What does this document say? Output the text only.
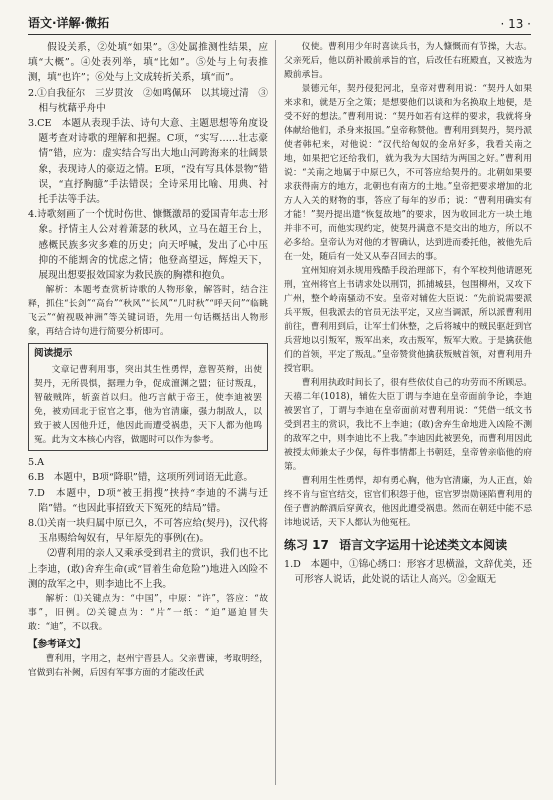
语文·详解·微拓	· 13 ·

假设关系，②处填“如果”。③处属推测性结果，应填“大概”。④处表列举，填“比如”。⑤处与上句表推测，填“也许”；⑥处与上文成转折关系，填“而”。

2.①自我征尔　三岁贯汝　②如鸣佩环　以其境过清　③相与枕藉乎舟中

3.CE　本题从表现手法、诗句大意、主题思想等角度设题考查对诗歌的理解和把握。C项，“实写……壮志豪情”错，应为：虚实结合写出大地山河跨海来的壮阔景象，表现诗人的豪迈之情。E项，“没有写具体景物”错误，“直抒胸臆”手法错误；全诗采用比喻、用典、衬托手法等手法。

4.诗歌刻画了一个忧时伤世、慷慨激昂的爱国青年志士形象。抒情主人公对着萧瑟的秋风，立马在超王台上，感概民族多灾多难的历史；向天呼喊，发出了心中压抑的不能割舍的忧虑之情；他登高望远，辉煌天下，展现出想要报效国家为救民族的胸襟和抱负。

解析：本题考查赏析诗歌的人物形象，解答时，结合注释，抓住“长剑”“高台”“秋风”“长风”“几时秋”“呼天问”“临眺飞云”“俯视吸神洲”等关键词语，先用一句话概括出人物形象，再结合诗句进行简要分析即可。

阅读提示

文章记曹利用事，突出其生性勇悍，意智英辩，出使契丹，无所畏惧，据理力争，促成澶渊之盟；征讨叛乱，智破贼阵，斩蛮首以归。他巧言献于帝王，使李迪被罢免，被劝回北于宦官之事，他为官清廉，强力制敌人，以致于被人因他升迁，他因此而遭受祸患，天下人都为他鸣冤。此为文本核心内容，做题时可以作为参考。

5.A

6.B　本题中，B项“降职”错，这项所列词语无此意。

7.D　本题中，D项“被王捐搜”挟持“李迪的不满与迁陷”错。“也因此事招致天下冤死的结局”错。

8.⑴关南一块归属中原已久，不可答应给(契丹)，汉代将玉帛赐给匈奴有，早年原先的事例(在)。

⑵曹利用的亲人又乘承受到君主的赏识，我们也不比上李迪，(敢)舍弃生命(或“冒着生命危险”)地进入凶险不测的敌军之中，则李迪比不上我。

解析：⑴关键点为：“中国”，中原：“许”，答应：“故事”，旧例。⑵关键点为：“片”一纸：“迫”逼迫冒失敢：“迪”，不以我。

【参考译文】

曹利用，字用之，赵州宁晋县人。父亲曹谏，考取明经，官做到右补阙，后因有军事方面的才能改任武

仪使。曹利用少年时喜读兵书，为人慷慨而有节操，大志。父亲死后，他以荫补殿前承旨的官，后改任右班殿直，又被选为殿前承旨。

景德元年，契丹侵犯河北，皇帝对曹利用说：“契丹人如果来求和，就是万全之策；是想要他们以谈和为名换取上地便，是受不好的想法。”曹利用说：“契丹如若有这样的要求，我就将身体献给他们，杀身来报国。”皇帝称赞他。曹利用到契丹，契丹派使者韩杞来，对他说：“汉代给匈奴的金帛好多，我看关南之地，如果把它还给我们，就为我为大国结为两国之好。”曹利用说：“关南之地属于中原已久，不可答应给契丹的。北朝如果要求获得南方的地方，北朝也有南方的土地。”皇帝把要求增加的北方人入关的财物的事，答应了每年的岁币；说：“曹利用确实有才能！”契丹提出遣“恢复故地”的要求，因为收回北方一块土地并非不可，而他实现约定，使契丹满意不是交出的地方，所以不必多给。皇帝认为对他的才智确认，达到进而委托他，被他先后在一处，随后有一处又从奉召回去的事。

宜州知府刘永规用残酷手段治理部下，有个军校判他请愿死刑，宜州将官上书请求处以刑罚，抓捕城县，包围柳州，又攻下广州，整个岭南骚动不安。皇帝对辅佐大臣说：“先前说需要派兵平叛，但我派去的官员无法平定，又应当调派，所以派曹利用前往，曹利用到后，让军士们休整，之后将城中的贼民驱赶到官兵营地以引叛军，叛军出来，攻击叛军，叛军大败。于是擒获他们的首领，平定了叛乱。”皇帝赞赏他擒获叛贼首领，对曹利用升授官职。

曹利用执政时间长了，很有些依仗自己的功劳而不所顾忌。天禧二年(1018)，辅佐大臣丁谓与李迪在皇帝面前争论，李迪被罢官了，丁谓与李迪在皇帝面前对曹利用说：“凭借一纸文书受到君主的赏识，我比不上李迪；(敢)舍弃生命地进入凶险不测的敌军之中，则李迪比不上我。”李迪因此被罢免，而曹利用因此被授太师兼太子少保，每件事情都上书朝廷，皇帝曾亲临他的府第。

曹利用生性勇悍，却有勇心胸，他为官清廉，为人正直，始终不肯与宦官结交，宦官们积怨于他，宦官罗崇勋诬陷曹利用的侄子曹汭醉酒后穿黄衣，他因此遭受祸患。然而在朝廷中能不忌讳地说话，天下人都认为他冤枉。

练习 17 语言文字运用十论述类文本阅读

1.D　本题中，①锦心绣口：形容才思横溢，文辞优美，还可形容人说话，此处说的话让人高兴。②金瓯无
